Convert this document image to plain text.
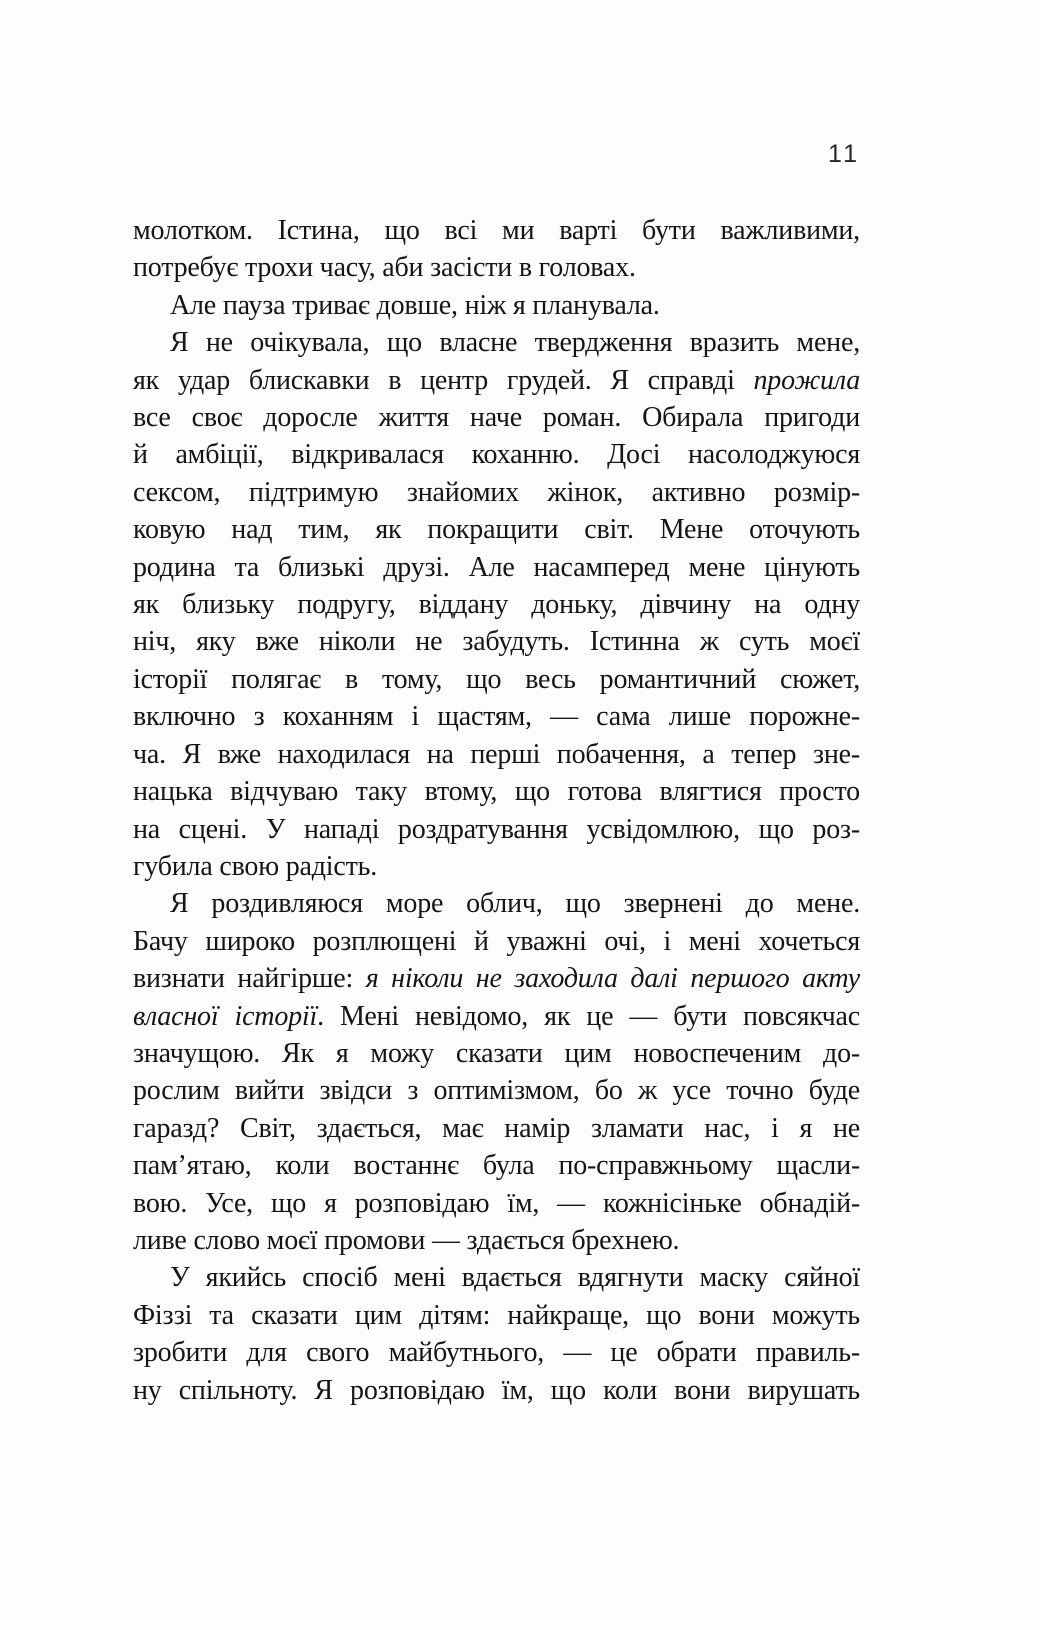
11
молотком. Істина, що всі ми варті бути важливими,
потребує трохи часу, аби засісти в головах.
Але пауза триває довше, ніж я планувала.
Я не очікувала, що власне твердження вразить мене,
як удар блискавки в центр грудей. Я справді прожила
все своє доросле життя наче роман. Обирала пригоди
й амбіції, відкривалася коханню. Досі насолоджуюся
сексом, підтримую знайомих жінок, активно розмір-
ковую над тим, як покращити світ. Мене оточують
родина та близькі друзі. Але насамперед мене цінують
як близьку подругу, віддану доньку, дівчину на одну
ніч, яку вже ніколи не забудуть. Істинна ж суть моєї
історії полягає в тому, що весь романтичний сюжет,
включно з коханням і щастям, — сама лише порожне-
ча. Я вже находилася на перші побачення, а тепер зне-
нацька відчуваю таку втому, що готова влягтися просто
на сцені. У нападі роздратування усвідомлюю, що роз-
губила свою радість.
Я роздивляюся море облич, що звернені до мене.
Бачу широко розплющені й уважні очі, і мені хочеться
визнати найгірше: я ніколи не заходила далі першого акту
власної історії. Мені невідомо, як це — бути повсякчас
значущою. Як я можу сказати цим новоспеченим до-
рослим вийти звідси з оптимізмом, бо ж усе точно буде
гаразд? Світ, здається, має намір зламати нас, і я не
пам’ятаю, коли востаннє була по-справжньому щасли-
вою. Усе, що я розповідаю їм, — кожнісіньке обнадій-
ливе слово моєї промови — здається брехнею.
У якийсь спосіб мені вдається вдягнути маску сяйної
Фіззі та сказати цим дітям: найкраще, що вони можуть
зробити для свого майбутнього, — це обрати правиль-
ну спільноту. Я розповідаю їм, що коли вони вирушать
